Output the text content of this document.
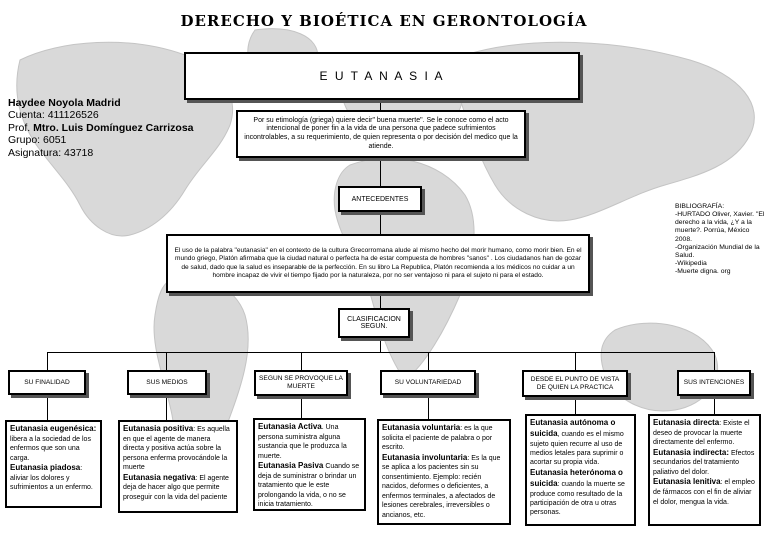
DERECHO Y BIOÉTICA EN GERONTOLOGÍA
Haydee Noyola Madrid
Cuenta: 411126526
Prof. Mtro. Luis Domínguez Carrizosa
Grupo: 6051
Asignatura: 43718
BIBLIOGRAFÍA:
-HURTADO Oliver, Xavier. "El derecho a la vida, ¿Y a la muerte?. Porrúa, México 2008.
-Organización Mundial de la Salud.
-Wikipedia
-Muerte digna. org
E U T A N A S I A
Por su etimología (griega) quiere decir" buena muerte". Se le conoce como el acto intencional de poner fin a la vida de una persona que padece sufrimientos incontrolables, a su requerimiento, de quien representa o por decisión del medico que la atiende.
ANTECEDENTES
El uso de la palabra "eutanasia" en el contexto de la cultura Grecorromana alude al mismo hecho del morir humano, como morir bien. En el mundo griego, Platón afirmaba que la ciudad natural o perfecta ha de estar compuesta de hombres "sanos" . Los ciudadanos han de gozar de salud, dado que la salud es inseparable de la perfección. En su libro La Republica, Platón recomienda a los médicos no cuidar a un hombre incapaz de vivir el tiempo fijado por la naturaleza, por no ser ventajoso ni para el sujeto ni para el estado.
CLASIFICACION SEGUN.
SU FINALIDAD	SUS MEDIOS	SEGUN SE PROVOQUE LA MUERTE
SU VOLUNTARIEDAD	DESDE EL PUNTO DE VISTA DE QUIEN LA PRACTICA
SUS INTENCIONES
Eutanasia eugenésica: libera a la sociedad de los enfermos que son una carga.
Eutanasia piadosa: aliviar los dolores y sufrimientos a un enfermo.
Eutanasia positiva: Es aquella en que el agente de manera directa y positiva actúa sobre la persona enferma provocándole la muerte
Eutanasia negativa: El agente deja de hacer algo que permite proseguir con la vida del paciente
Eutanasia Activa. Una persona suministra alguna sustancia que le produzca la muerte.
Eutanasia Pasiva Cuando se deja de suministrar o brindar un tratamiento que le este prolongando la vida, o no se inicia tratamiento.
Eutanasia voluntaria: es la que solicita el paciente de palabra o por escrito.
Eutanasia involuntaria: Es la que se aplica a los pacientes sin su consentimiento. Ejemplo: recién nacidos, deformes o deficientes, a enfermos terminales, a afectados de lesiones cerebrales, irreversibles o ancianos, etc.
Eutanasia autónoma o suicida, cuando es el mismo sujeto quien recurre al uso de medios letales para suprimir o acortar su propia vida.
Eutanasia heterónoma o suicida: cuando la muerte se produce como resultado de la participación de otra u otras personas.
Eutanasia directa: Existe el deseo de provocar la muerte directamente del enfermo.
Eutanasia indirecta: Efectos secundarios del tratamiento paliativo del dolor.
Eutanasia lenitiva: el empleo de fármacos con el fin de aliviar el dolor, mengua la vida.
